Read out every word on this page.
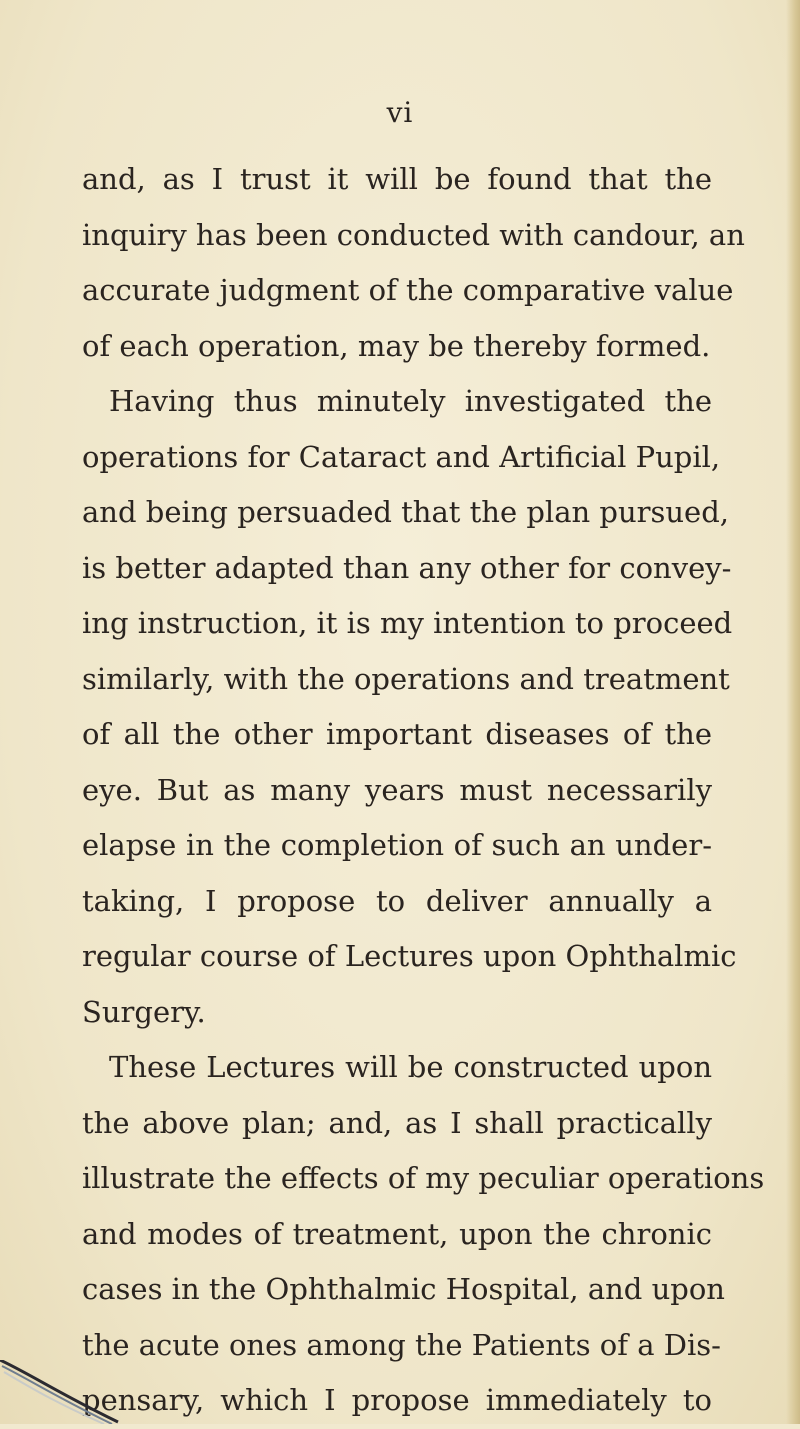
vi
and, as I trust it will be found that the
inquiry has been conducted with candour, an
accurate judgment of the comparative value
of each operation, may be thereby formed.
Having thus minutely investigated the
operations for Cataract and Artificial Pupil,
and being persuaded that the plan pursued,
is better adapted than any other for convey-
ing instruction, it is my intention to proceed
similarly, with the operations and treatment
of all the other important diseases of the
eye. But as many years must necessarily
elapse in the completion of such an under-
taking, I propose to deliver annually a
regular course of Lectures upon Ophthalmic
Surgery.
These Lectures will be constructed upon
the above plan; and, as I shall practically
illustrate the effects of my peculiar operations
and modes of treatment, upon the chronic
cases in the Ophthalmic Hospital, and upon
the acute ones among the Patients of a Dis-
pensary, which I propose immediately to
